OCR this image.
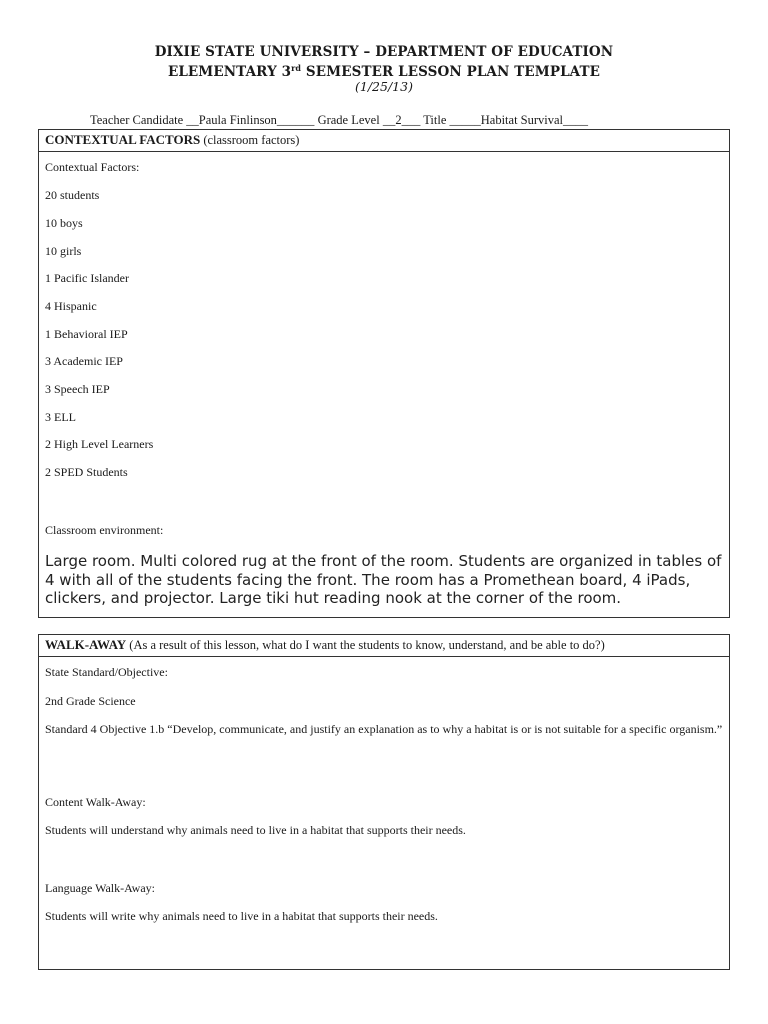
DIXIE STATE UNIVERSITY – DEPARTMENT OF EDUCATION
ELEMENTARY 3rd SEMESTER LESSON PLAN TEMPLATE
(1/25/13)
Teacher Candidate __Paula Finlinson______ Grade Level __2___ Title _____Habitat Survival____
CONTEXTUAL FACTORS (classroom factors)
Contextual Factors:
20 students
10 boys
10 girls
1 Pacific Islander
4 Hispanic
1 Behavioral IEP
3 Academic IEP
3 Speech IEP
3 ELL
2 High Level Learners
2 SPED Students
Classroom environment:
Large room. Multi colored rug at the front of the room. Students are organized in tables of 4 with all of the students facing the front. The room has a Promethean board, 4 iPads, clickers, and projector. Large tiki hut reading nook at the corner of the room.
WALK-AWAY (As a result of this lesson, what do I want the students to know, understand, and be able to do?)
State Standard/Objective:
2nd Grade Science
Standard 4 Objective 1.b “Develop, communicate, and justify an explanation as to why a habitat is or is not suitable for a specific organism.”
Content Walk-Away:
Students will understand why animals need to live in a habitat that supports their needs.
Language Walk-Away:
Students will write why animals need to live in a habitat that supports their needs.
